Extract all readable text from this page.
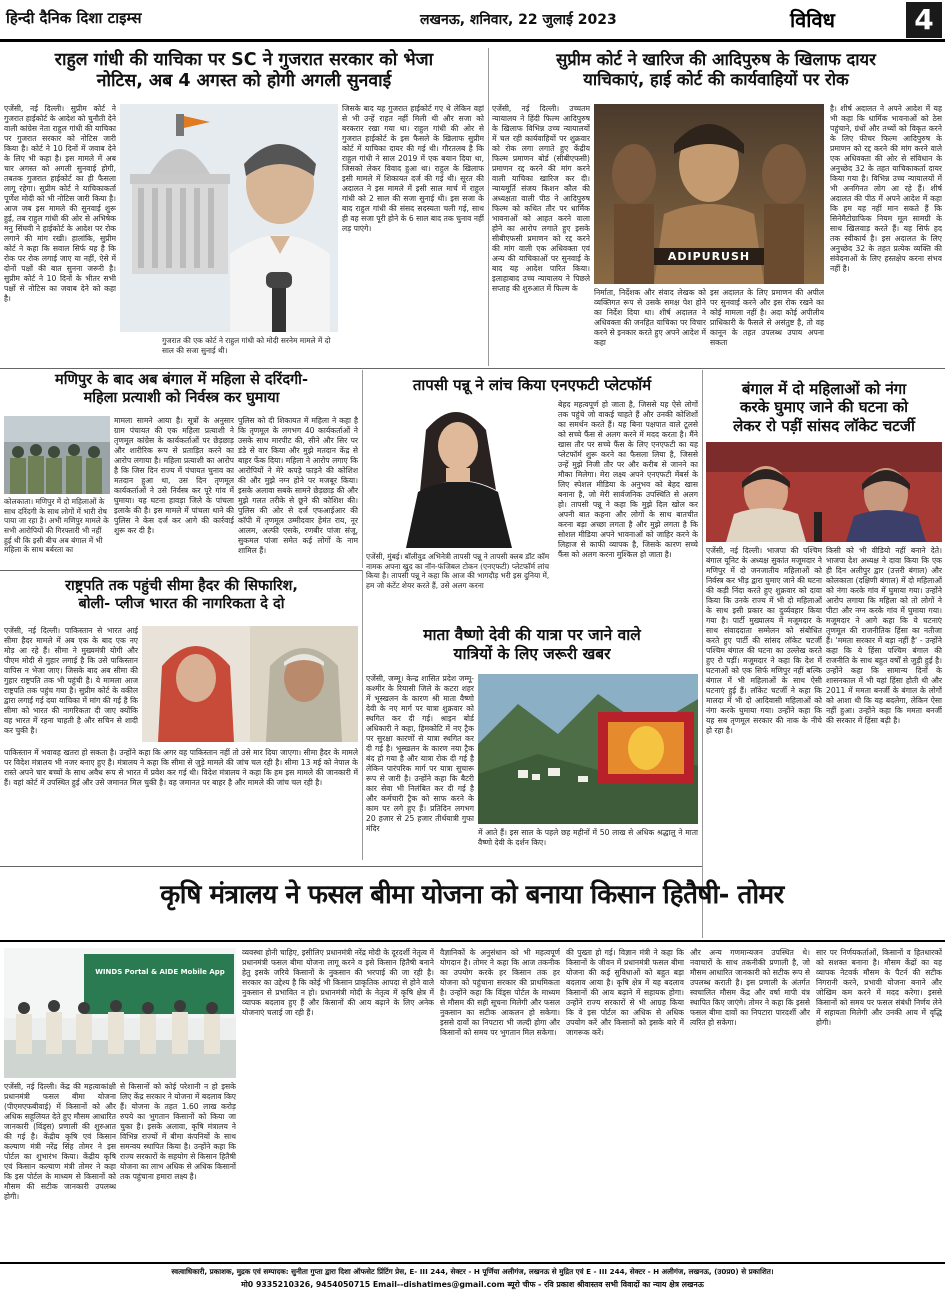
हिन्दी दैनिक दिशा टाइम्स	लखनऊ, शनिवार, 22 जुलाई 2023	विविध	4
राहुल गांधी की याचिका पर SC ने गुजरात सरकार को भेजा
नोटिस, अब 4 अगस्त को होगी अगली सुनवाई
एजेंसी, नई दिल्ली। सुप्रीम कोर्ट ने गुजरात हाईकोर्ट के आदेश को चुनौती देने वाली कांग्रेस नेता राहुल गांधी की याचिका पर गुजरात सरकार को नोटिस जारी किया है। कोर्ट ने 10 दिनों में जवाब देने के लिए भी कहा है। इस मामले में अब चार अगस्त को अगली सुनवाई होगी, तबतक गुजरात हाईकोर्ट का ही फैसला लागू रहेगा। सुप्रीम कोर्ट ने याचिकाकर्ता पूर्णेश मोदी को भी नोटिस जारी किया है। आज जब इस मामले की सुनवाई शुरू हुई, तब राहुल गांधी की ओर से अभिषेक मनु सिंघवी ने हाईकोर्ट के आदेश पर रोक लगाने की मांग रखी। हालांकि, सुप्रीम कोर्ट ने कहा कि सवाल सिर्फ यह है कि रोक पर रोक लगाई जाए या नहीं, ऐसे में दोनों पक्षों की बात सुनना जरूरी है। सुप्रीम कोर्ट ने 10 दिनों के भीतर सभी पक्षों से नोटिस का जवाब देने को कहा है।
गुजरात की एक कोर्ट ने राहुल गांधी को मोदी सरनेम मामले में दो साल की सजा सुनाई थी।
जिसके बाद यह गुजरात हाईकोर्ट गए थे लेकिन वहां से भी उन्हें राहत नहीं मिली थी और सजा को बरकरार रखा गया था। राहुल गांधी की ओर से गुजरात हाईकोर्ट के इस फैसले के खिलाफ सुप्रीम कोर्ट में याचिका दायर की गई थी। गौरतलब है कि राहुल गांधी ने साल 2019 में एक बयान दिया था, जिसको लेकर विवाद हुआ था। राहुल के खिलाफ इसी मामले में शिकायत दर्ज की गई थी। सूरत की अदालत ने इस मामले में इसी साल मार्च में राहुल गांधी को 2 साल की सजा सुनाई थी। इस सजा के बाद राहुल गांधी की संसद सदस्यता चली गई, साथ ही वह सजा पूरी होने के 6 साल बाद तक चुनाव नहीं लड़ पाएंगे।
सुप्रीम कोर्ट ने खारिज की आदिपुरुष के खिलाफ दायर
याचिकाएं, हाई कोर्ट की कार्यवाहियों पर रोक
एजेंसी, नई दिल्ली। उच्चतम न्यायालय ने हिंदी फिल्म आदिपुरुष के खिलाफ विभिन्न उच्च न्यायालयों में चल रही कार्यवाहियों पर शुक्रवार को रोक लगा लगाते हुए केंद्रीय फिल्म प्रमाणन बोर्ड (सीबीएफसी) प्रमाणन रद्द करने की मांग करने वाली याचिका खारिज कर दी। न्यायमूर्ति संजय किशन कौल की अध्यक्षता वाली पीठ ने आदिपुरुष फिल्म को कथित तौर पर धार्मिक भावनाओं को आहत करने वाला होने का आरोप लगाते हुए इसके सीबीएफसी प्रमाणन को रद्द करने की मांग वाली एक अधिवक्ता एवं अन्य की याचिकाओं पर सुनवाई के बाद यह आदेश पारित किया। इलाहाबाद उच्च न्यायालय ने पिछले सप्ताह की शुरुआत में फिल्म के
ADIPURUSH
निर्माता, निर्देशक और संवाद लेखक को व्यक्तिगत रूप से उसके समक्ष पेश होने का निर्देश दिया था। शीर्ष अदालत ने अधिवक्ता की जनहित याचिका पर विचार करने से इनकार करते हुए अपने आदेश में कहा
इस अदालत के लिए प्रमाणन की अपील पर सुनवाई करने और इस रोक रखने का कोई मामला नहीं है। अदा कोई अपीलीय प्राधिकारी के फैसले से असंतुष्ट है, तो वह कानून के तहत उपलब्ध उपाय अपना सकता
है। शीर्ष अदालत ने अपने आदेश में यह भी कहा कि धार्मिक भावनाओं को ठेस पहुंचाने, ग्रंथों और तथ्यों को विकृत करने के लिए फीचर फिल्म आदिपुरुष के प्रमाणन को रद्द करने की मांग करने वाले एक अधिवक्ता की ओर से संविधान के अनुच्छेद 32 के तहत याचिकाकर्ता दायर किया गया है। विभिन्न उच्च न्यायालयों में भी अनगिनत लोग आ रहे हैं। शीर्ष अदालत की पीठ में अपने आदेश में कहा कि हम यह नहीं मान सकते हैं कि सिनेमैटोग्राफिक नियम मूल सामग्री के साथ खिलवाड़ करते हैं। यह सिर्फ हद तक स्वीकार्य है। इस अदालत के लिए अनुच्छेद 32 के तहत प्रत्येक व्यक्ति की संवेदनाओं के लिए हस्तक्षेप करना संभव नहीं है।
मणिपुर के बाद अब बंगाल में महिला से दरिंदगी-
महिला प्रत्याशी को निर्वस्त्र कर घुमाया
कोलकाता। मणिपुर में दो महिलाओं के साथ दरिंदगी के साथ लोगों में भारी रोष पाया जा रहा है। अभी मणिपुर मामले के सभी आरोपियों की गिरफ्तारी भी नहीं हुई थी कि इसी बीच अब बंगाल में भी महिला के साथ बर्बरता का
मामला सामने आया है। सूत्रों के अनुसार ग्राम पंचायत की एक महिला प्रत्याशी ने तृणमूल कांग्रेस के कार्यकर्ताओं पर छेड़छाड़ और शारीरिक रूप से प्रताड़ित करने का आरोप लगाया है। महिला प्रत्याशी का आरोप है कि जिस दिन राज्य में पंचायत चुनाव का मतदान हुआ था, उस दिन तृणमूल कार्यकर्ताओं ने उसे निर्वस्त्र कर पूरे गांव में घुमाया। यह घटना हावड़ा जिले के पांचला इलाके की है। इस मामले में पांचला थाने की पुलिस ने केस दर्ज कर आगे की कार्रवाई शुरू कर दी है।
पुलिस को दी शिकायत में महिला ने कहा है कि तृणमूल के लगभग 40 कार्यकर्ताओं ने उसके साथ मारपीट की, सीने और सिर पर डंडे से वार किया और मुझे मतदान केंद्र से बाहर फेंक दिया। महिला ने आरोप लगाए कि आरोपियों ने मेरे कपड़े फाड़ने की कोशिश की और मुझे नग्न होने पर मजबूर किया। इसके अलावा सबके सामने छेड़छाड़ की और मुझे गलत तरीके से छूने की कोशिश की। पुलिस की ओर से दर्ज एफआईआर की कॉपी में तृणमूल उम्मीदवार हेमंत राय, नूर आलम, अल्फी एसके, रणबीर पांजा संजू, सुकमल पांजा समेत कई लोगों के नाम शामिल हैं।
तापसी पन्नू ने लांच किया एनएफटी प्लेटफॉर्म
एजेंसी, मुंबई। बॉलीवुड अभिनेत्री तापसी पन्नू ने तापसी क्लब डॉट कॉम नामक अपना खुद का नॉन-फंजिबल टोकन (एनएफटी) प्लेटफॉर्म लांच किया है। तापसी पन्नू ने कहा कि आज की भागदौड़ भरी इस दुनिया में, हम जो कंटेंट शेयर करते हैं, उसे अलग करना
बेहद महत्वपूर्ण हो जाता है, जिससे यह ऐसे लोगों तक पहुंचे जो वाकई चाहते हैं और उनकी कोशिशों का समर्थन करते हैं। यह बिना पक्षपात वाले टूलसे को सच्चे फैंस से अलग करने में मदद करता है। मैंने खास तौर पर सच्चे फैंस के लिए एनएफटी का यह प्लेटफॉर्म शुरू करने का फैसला लिया है, जिससे उन्हें मुझे निजी तौर पर और करीब से जानने का मौका मिलेगा। मेरा लक्ष्य अपने एनएफटी मेंबर्स के लिए स्पेशल मीडिया के अनुभव को बेहद खास बनाना है, जो मेरी सार्वजनिक उपस्थिति से अलग हो। तापसी पन्नू ने कहा कि मुझे दिल खोल कर अपनी बात कहना और लोगों के साथ बातचीत करना बड़ा अच्छा लगता है और मुझे लगता है कि सोशल मीडिया अपने भावनाओं को जाहिर करने के लिहाज से काफी व्यापक है, जिसके कारण सच्चे फैंस को अलग करना मुश्किल हो जाता है।
बंगाल में दो महिलाओं को नंगा
करके घुमाए जाने की घटना को
लेकर रो पड़ीं सांसद लॉकेट चटर्जी
एजेंसी, नई दिल्ली। भाजपा की पश्चिम बंगाल यूनिट के अध्यक्ष सुकांत मजूमदार ने मणिपुर में दो जनजातीय महिलाओं को निर्वस्त्र कर भीड़ द्वारा घुमाए जाने की घटना की कड़ी निंदा करते हुए शुक्रवार को दावा किया कि उनके राज्य में भी दो महिलाओं के साथ इसी प्रकार का दुर्व्यवहार किया गया है। पार्टी मुख्यालय में मजूमदार के साथ संवाददाता सम्मेलन को संबोधित करते हुए पार्टी की सांसद लॉकेट चटर्जी पश्चिम बंगाल की घटना का उल्लेख करते हुए रो पड़ीं। मजूमदार ने कहा कि देश में घटनाओं को एक सिर्फ मणिपुर नहीं बल्कि बंगाल में भी महिलाओं के साथ ऐसी घटनाएं हुई हैं। लॉकेट चटर्जी ने कहा कि मालदा में भी दो आदिवासी महिलाओं को नंगा करके घुमाया गया। उन्होंने कहा कि यह सब तृणमूल सरकार की नाक के नीचे हो रहा है।
किसी को भी वीडियो नहीं बनाने देते। भाजपा देश अध्यक्ष ने दावा किया कि एक ही दिन अलीपुर द्वार (उत्तरी बंगाल) और कोलकाता (दक्षिणी बंगाल) में दो महिलाओं को नंगा करके गांव में घुमाया गया। उन्होंने आरोप लगाया कि महिला को तो लोगों ने पीटा और नग्न करके गांव में घुमाया गया। मजूमदार ने आगे कहा कि ये घटनाएं तृणमूल की राजनीतिक हिंसा का नतीजा हैं। 'ममता सरकार में बड़ा नहीं है' - उन्होंने कहा कि ये हिंसा पश्चिम बंगाल की राजनीति के साथ बहुत वर्षों से जुड़ी हुई है। उन्होंने कहा कि सामान्य दिनों के शासनकाल में भी यहां हिंसा होती थी और 2011 में ममता बनर्जी के बंगाल के लोगों को आशा थी कि यह बदलेगा, लेकिन ऐसा नहीं हुआ। उन्होंने कहा कि ममता बनर्जी की सरकार में हिंसा बढ़ी है।
राष्ट्रपति तक पहुंची सीमा हैदर की सिफारिश,
बोली- प्लीज भारत की नागरिकता दे दो
एजेंसी, नई दिल्ली। पाकिस्तान से भारत आई सीमा हैदर मामले में अब एक के बाद एक नए मोड़ आ रहे हैं। सीमा ने मुख्यमंत्री योगी और पीएम मोदी से गुहार लगाई है कि उसे पाकिस्तान वापिस न भेजा जाए। जिसके बाद अब सीमा की गुहार राष्ट्रपति तक भी पहुंची है। ये मामला आज राष्ट्रपति तक पहुंच गया है। सुप्रीम कोर्ट के वकील द्वारा लगाई गई दया याचिका में मांग की गई है कि सीमा को भारत की नागरिकता दी जाए क्योंकि वह भारत में रहना चाहती है और सचिन से शादी कर चुकी है।
पाकिस्तान में भवावह खतरा हो सकता है। उन्होंने कहा कि अगर वह पाकिस्तान नहीं तो उसे मार दिया जाएगा। सीमा हैदर के मामले पर विदेश मंत्रालय भी नजर बनाए हुए है। मंत्रालय ने कहा कि सीमा से जुड़े मामले की जांच चल रही है। सीमा 13 मई को नेपाल के रास्ते अपने चार बच्चों के साथ अवैध रूप से भारत में प्रवेश कर गई थी। विदेश मंत्रालय ने कहा कि हम इस मामले की जानकारी में हैं। वहां कोर्ट में उपस्थित हुई और उसे जमानत मिल चुकी है। वह जमानत पर बाहर है और मामले की जांच चल रही है।
माता वैष्णो देवी की यात्रा पर जाने वाले
यात्रियों के लिए जरूरी खबर
एजेंसी, जम्मू। केन्द्र शासित प्रदेश जम्मू-कश्मीर के रियासी जिले के कटरा शहर में भूस्खलन के कारण श्री माता वैष्णो देवी के नए मार्ग पर यात्रा शुक्रवार को स्थगित कर दी गई। श्राइन बोर्ड अधिकारी ने कहा, हिमकोटि में नए ट्रैक पर सुरक्षा कारणों से यात्रा स्थगित कर दी गई है। भूस्खलन के कारण नया ट्रैक बंद हो गया है और यात्रा रोक दी गई है लेकिन पारंपरिक मार्ग पर यात्रा सुचारू रूप से जारी है। उन्होंने कहा कि बैटरी कार सेवा भी निलंबित कर दी गई है और कर्मचारी ट्रैक को साफ करने के काम पर लगे हुए हैं। प्रतिदिन लगभग 20 हजार से 25 हजार तीर्थयात्री गुफा मंदिर	में आते हैं। इस साल के पहले छह महीनों में 50 लाख से अधिक श्रद्धालु ने माता वैष्णो देवी के दर्शन किए।
कृषि मंत्रालय ने फसल बीमा योजना को बनाया किसान हितैषी- तोमर
WINDS Portal & AIDE Mobile App
एजेंसी, नई दिल्ली। केंद्र की महत्वाकांक्षी प्रधानमंत्री फसल बीमा योजना (पीएमएफबीवाई) में किसानों को और अधिक सहूलियत देते हुए मौसम आधारित जानकारी (विंड्स) प्रणाली की शुरुआत की गई है। केंद्रीय कृषि एवं किसान कल्याण मंत्री नरेंद्र सिंह तोमर ने इस पोर्टल का शुभारंभ किया। केंद्रीय कृषि एवं किसान कल्याण मंत्री तोमर ने कहा कि इस पोर्टल के माध्यम से किसानों को मौसम की सटीक जानकारी उपलब्ध होगी।
से किसानों को कोई परेशानी न हो इसके लिए केंद्र सरकार ने योजना में बदलाव किए हैं। योजना के तहत 1.60 लाख करोड़ रुपये का भुगतान किसानों को किया जा चुका है। इसके अलावा, कृषि मंत्रालय ने विभिन्न राज्यों में बीमा कंपनियों के साथ समन्वय स्थापित किया है। उन्होंने कहा कि राज्य सरकारों के सहयोग से किसान हितैषी योजना का लाभ अधिक से अधिक किसानों तक पहुंचाना हमारा लक्ष्य है।
व्यवस्था होनी चाहिए, इसीलिए प्रधानमंत्री नरेंद्र मोदी के दूरदर्शी नेतृत्व में प्रधानमंत्री फसल बीमा योजना लागू करने व इसे किसान हितैषी बनाने हेतु इसके जरिये किसानों के नुकसान की भरपाई की जा रही है। सरकार का उद्देश्य है कि कोई भी किसान प्राकृतिक आपदा से होने वाले नुकसान से प्रभावित न हो। प्रधानमंत्री मोदी के नेतृत्व में कृषि क्षेत्र में व्यापक बदलाव हुए हैं और किसानों की आय बढ़ाने के लिए अनेक योजनाएं चलाई जा रही हैं।
वैज्ञानिकों के अनुसंधान को भी महत्वपूर्ण योगदान है। तोमर ने कहा कि आज तकनीक का उपयोग करके हर किसान तक हर योजना को पहुंचाना सरकार की प्राथमिकता है। उन्होंने कहा कि विंड्स पोर्टल के माध्यम से मौसम की सही सूचना मिलेगी और फसल नुकसान का सटीक आकलन हो सकेगा। इससे दावों का निपटारा भी जल्दी होगा और किसानों को समय पर भुगतान मिल सकेगा।
की पुख्ता हो गई। विज्ञान मंत्री ने कहा कि किसानों के जीवन में प्रधानमंत्री फसल बीमा योजना की कई सुविधाओं को बहुत बड़ा बदलाव आया है। कृषि क्षेत्र में यह बदलाव किसानों की आय बढ़ाने में सहायक होगा। उन्होंने राज्य सरकारों से भी आग्रह किया कि वे इस पोर्टल का अधिक से अधिक उपयोग करें और किसानों को इसके बारे में जागरूक करें।
और अन्य गणमान्यजन उपस्थित थे। नवाचारों के साथ तकनीकी प्रणाली है, जो मौसम आधारित जानकारी को सटीक रूप से उपलब्ध कराती है। इस प्रणाली के अंतर्गत स्वचालित मौसम केंद्र और वर्षा मापी यंत्र स्थापित किए जाएंगे। तोमर ने कहा कि इससे फसल बीमा दावों का निपटारा पारदर्शी और त्वरित हो सकेगा।
सार पर निर्णयकर्ताओं, किसानों व हितधारकों को सशक्त बनाना है। मौसम केंद्रों का यह व्यापक नेटवर्क मौसम के पैटर्न की सटीक निगरानी करने, प्रभावी योजना बनाने और जोखिम कम करने में मदद करेगा। इससे किसानों को समय पर फसल संबंधी निर्णय लेने में सहायता मिलेगी और उनकी आय में वृद्धि होगी।
स्वत्वाधिकारी, प्रकाशक, मुद्रक एवं सम्पादक: सुनीता गुप्ता द्वारा दिशा ऑफसेट प्रिंटिंग प्रेस, E- III 244, सेक्टर - H पूर्णिया अलीगंज, लखनऊ से मुद्रित एवं E - III 244, सेक्टर - H अलीगंज, लखनऊ, (उ0प्र0) से प्रकाशित।
मो0 9335210326, 9454050715 Email--dishatimes@gmail.com ब्यूरो चीफ - रवि प्रकाश श्रीवास्तव सभी विवादों का न्याय क्षेत्र लखनऊ
